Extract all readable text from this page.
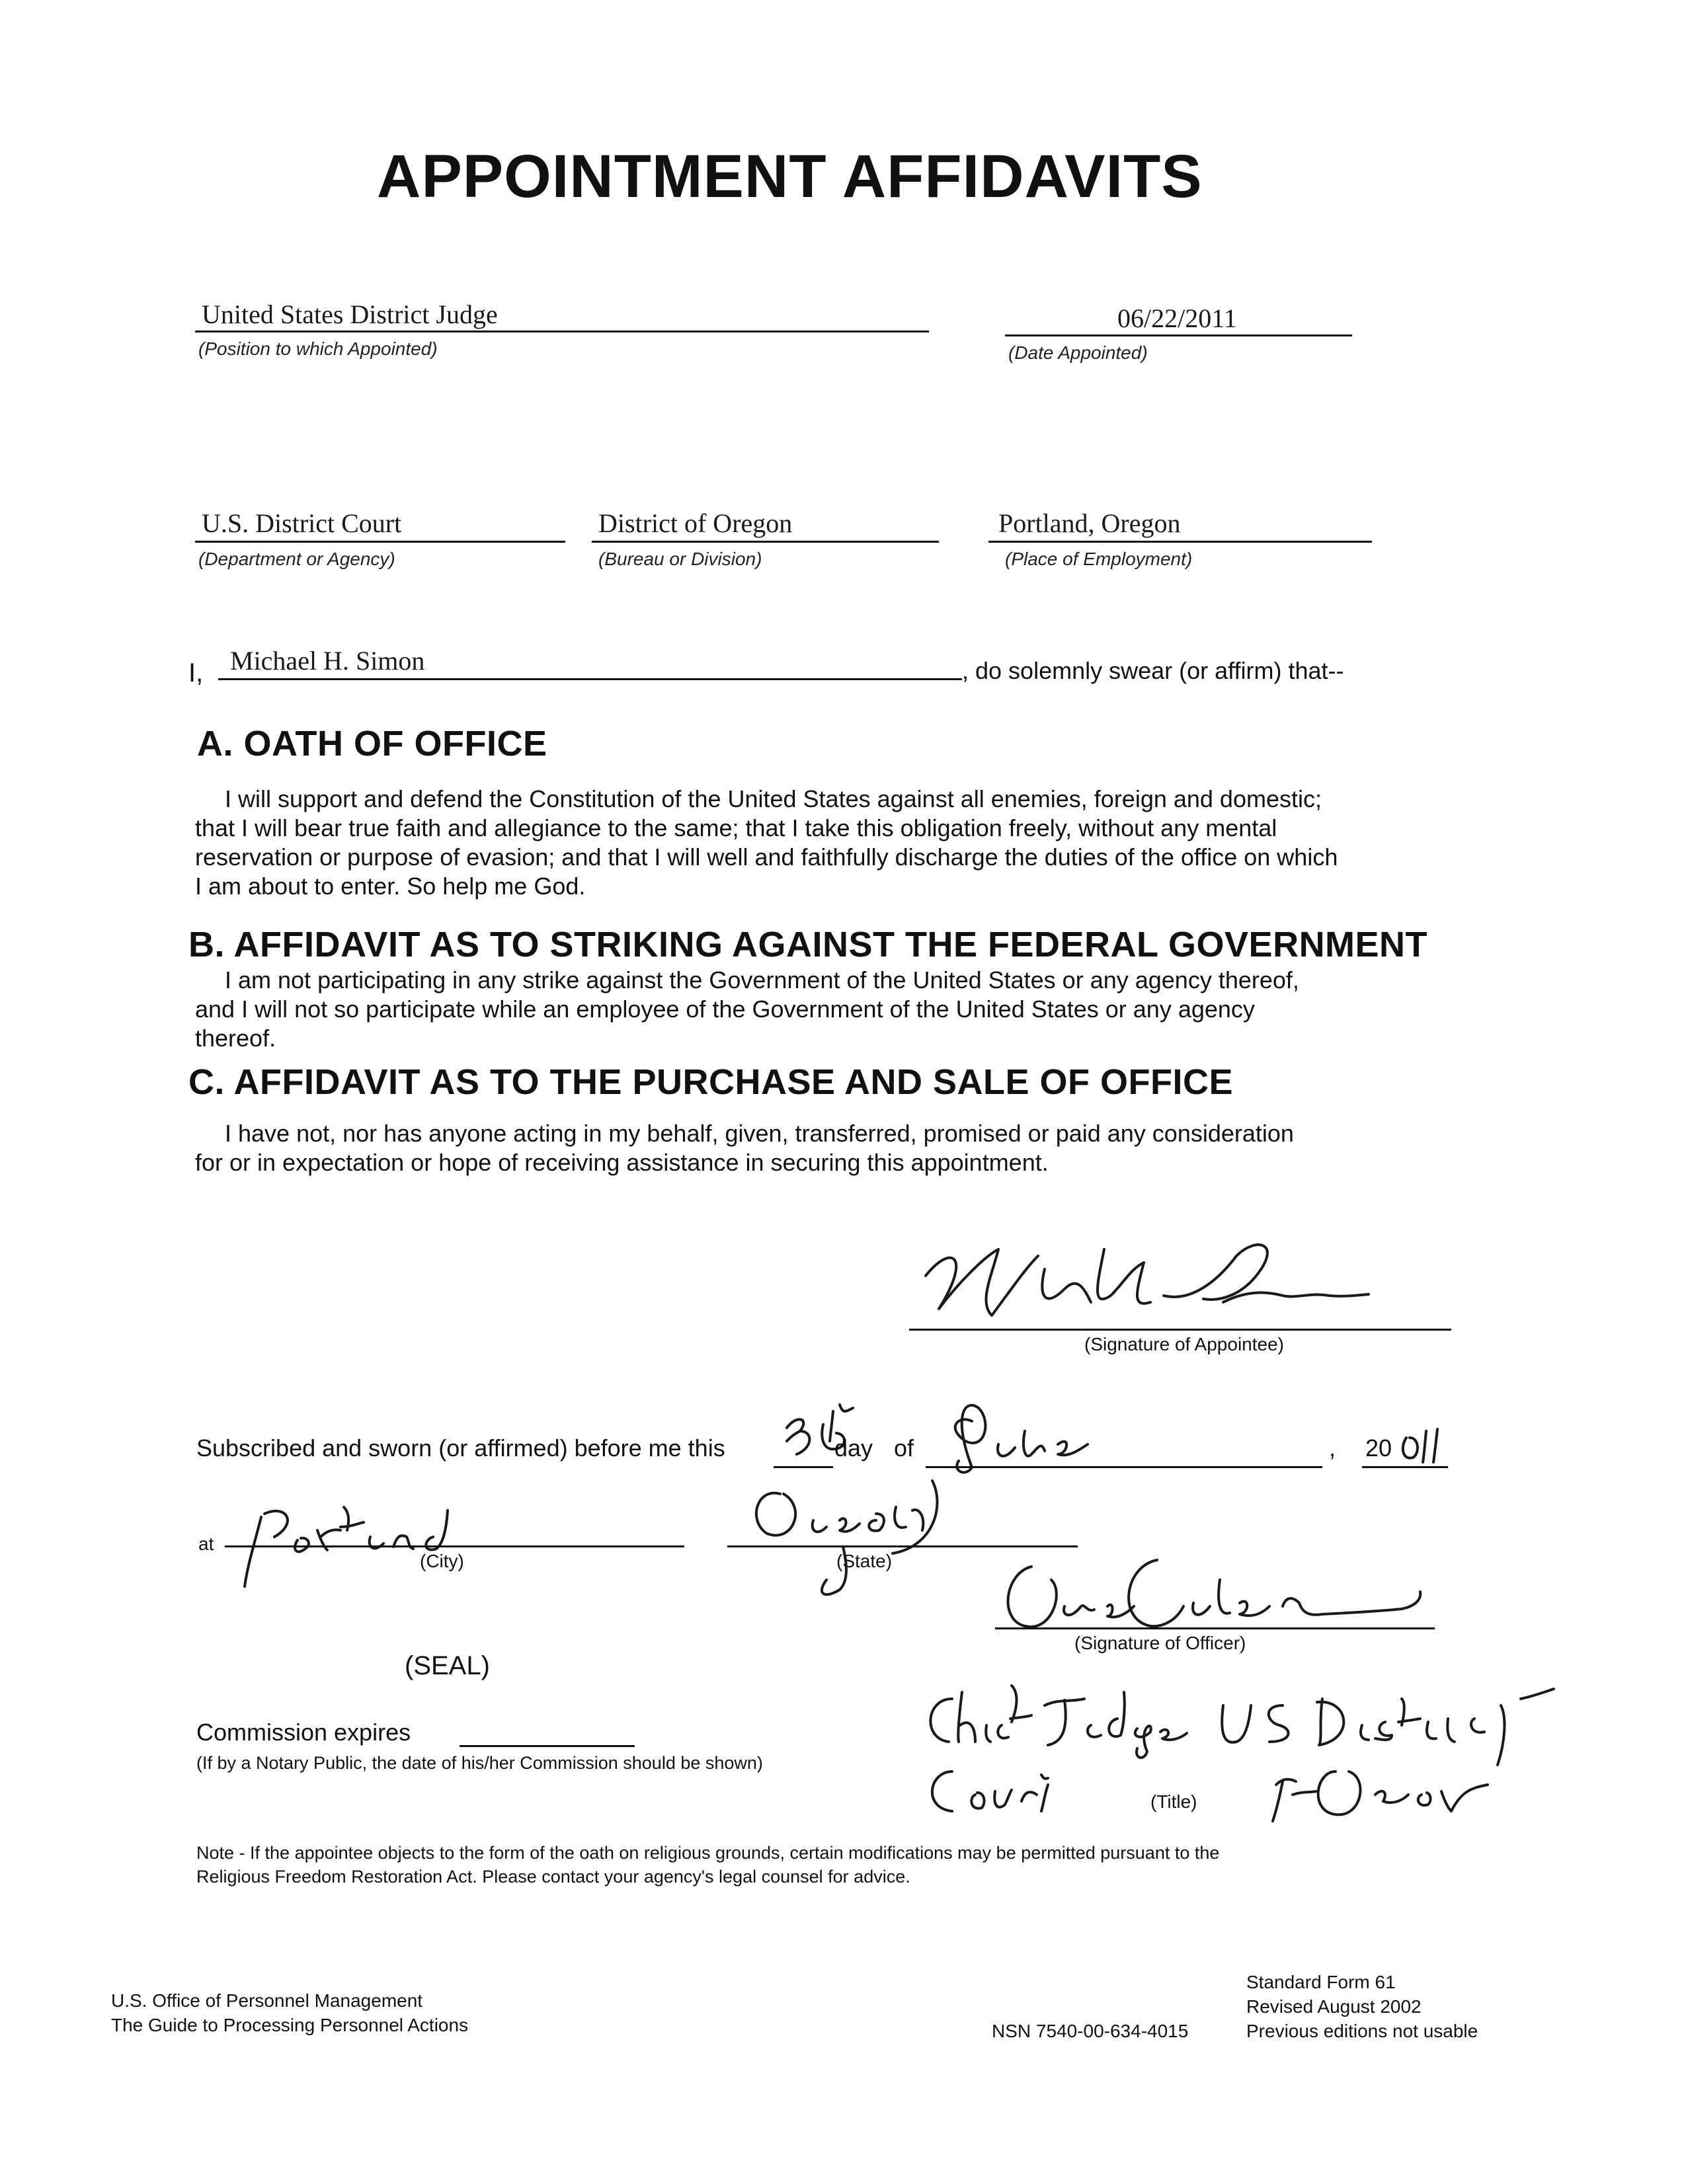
APPOINTMENT AFFIDAVITS
United States District Judge
(Position to which Appointed)
06/22/2011
(Date Appointed)
U.S. District Court
(Department or Agency)
District of Oregon
(Bureau or Division)
Portland, Oregon
(Place of Employment)
I, Michael H. Simon	, do solemnly swear (or affirm) that--
A. OATH OF OFFICE
I will support and defend the Constitution of the United States against all enemies, foreign and domestic;
that I will bear true faith and allegiance to the same; that I take this obligation freely, without any mental
reservation or purpose of evasion; and that I will well and faithfully discharge the duties of the office on which
I am about to enter. So help me God.
B. AFFIDAVIT AS TO STRIKING AGAINST THE FEDERAL GOVERNMENT
I am not participating in any strike against the Government of the United States or any agency thereof,
and I will not so participate while an employee of the Government of the United States or any agency
thereof.
C. AFFIDAVIT AS TO THE PURCHASE AND SALE OF OFFICE
I have not, nor has anyone acting in my behalf, given, transferred, promised or paid any consideration
for or in expectation or hope of receiving assistance in securing this appointment.
(Signature of Appointee)
Subscribed and sworn (or affirmed) before me this	day of	, 20
at
(City)	(State)
(Signature of Officer)
(SEAL)
Commission expires
(If by a Notary Public, the date of his/her Commission should be shown)
(Title)
Note - If the appointee objects to the form of the oath on religious grounds, certain modifications may be permitted pursuant to the
Religious Freedom Restoration Act. Please contact your agency's legal counsel for advice.
U.S. Office of Personnel Management
The Guide to Processing Personnel Actions	NSN 7540-00-634-4015
Standard Form 61
Revised August 2002
Previous editions not usable
